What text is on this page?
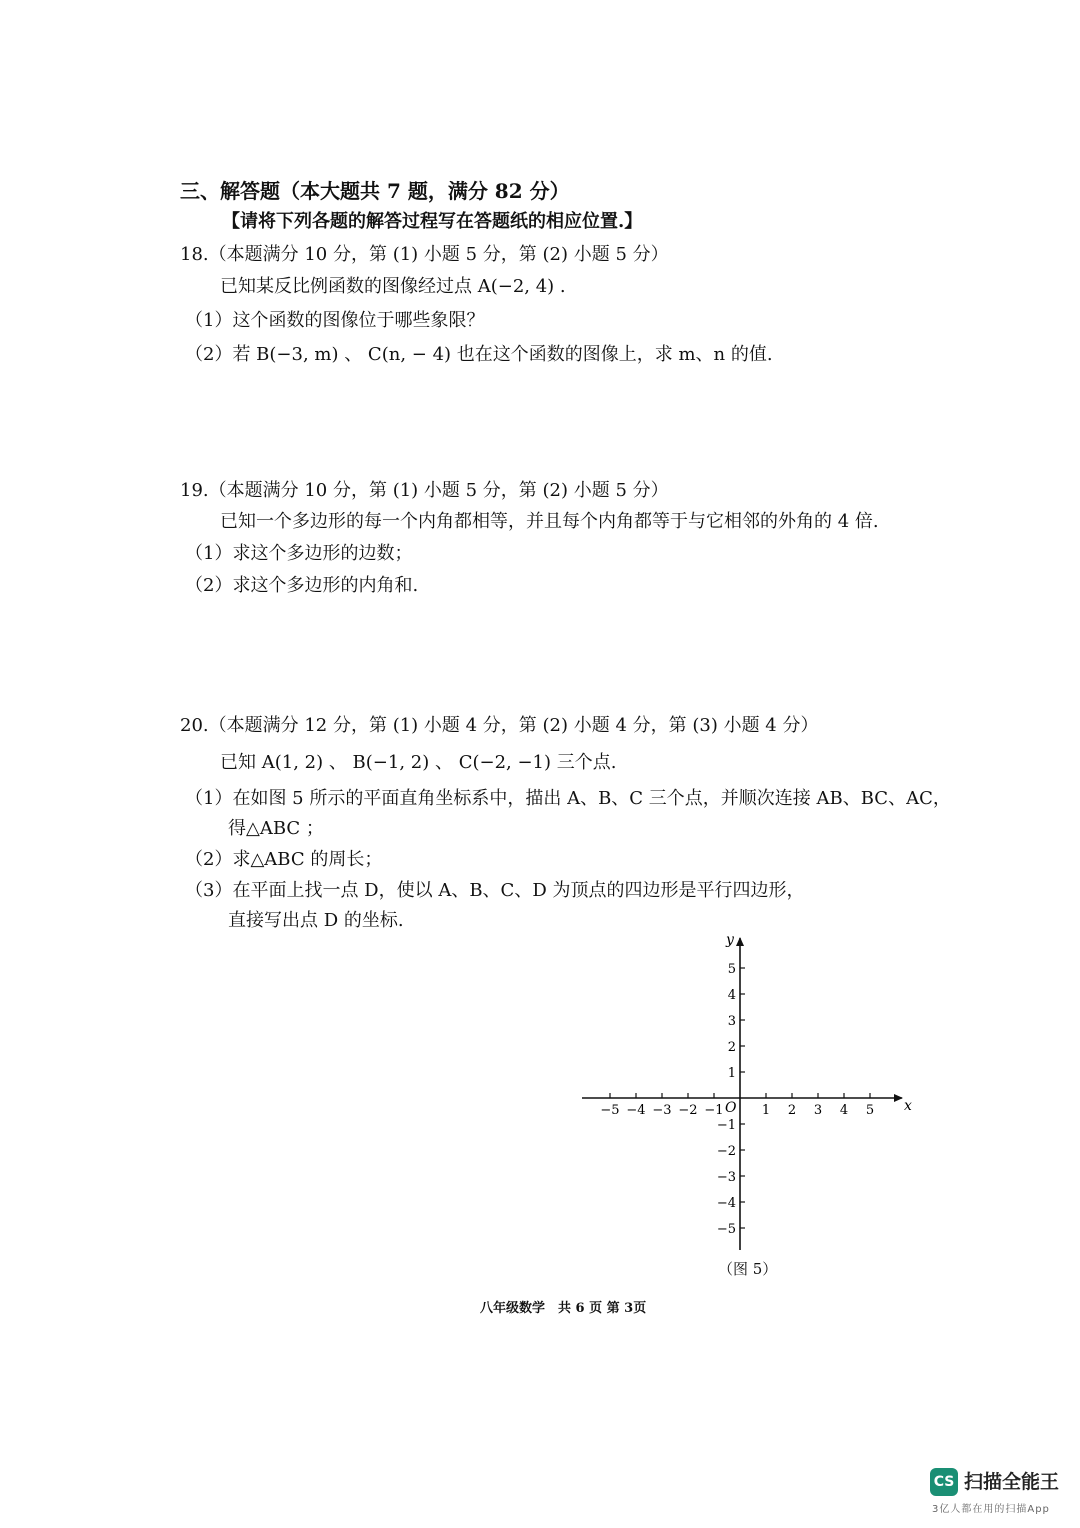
三、解答题（本大题共 7 题，满分 82 分）
【请将下列各题的解答过程写在答题纸的相应位置.】
18.（本题满分 10 分，第 (1) 小题 5 分，第 (2) 小题 5 分）
已知某反比例函数的图像经过点 A(−2, 4) .
（1）这个函数的图像位于哪些象限？
（2）若 B(−3, m) 、 C(n, − 4) 也在这个函数的图像上，求 m、n 的值.
19.（本题满分 10 分，第 (1) 小题 5 分，第 (2) 小题 5 分）
已知一个多边形的每一个内角都相等，并且每个内角都等于与它相邻的外角的 4 倍.
（1）求这个多边形的边数；
（2）求这个多边形的内角和.
20.（本题满分 12 分，第 (1) 小题 4 分，第 (2) 小题 4 分，第 (3) 小题 4 分）
已知 A(1, 2) 、 B(−1, 2) 、 C(−2, −1) 三个点.
（1）在如图 5 所示的平面直角坐标系中，描出 A、B、C 三个点，并顺次连接 AB、BC、AC，
得△ABC ；
（2）求△ABC 的周长；
（3）在平面上找一点 D，使以 A、B、C、D 为顶点的四边形是平行四边形，
直接写出点 D 的坐标.
−5 −4 −3 −2 −1	1 2 3 4 5
5
4
3
2
1
−1
−2
−3
−4
−5
x
y
O
（图 5）
八年级数学　共 6 页 第 3页
CS 扫描全能王
3亿人都在用的扫描App
